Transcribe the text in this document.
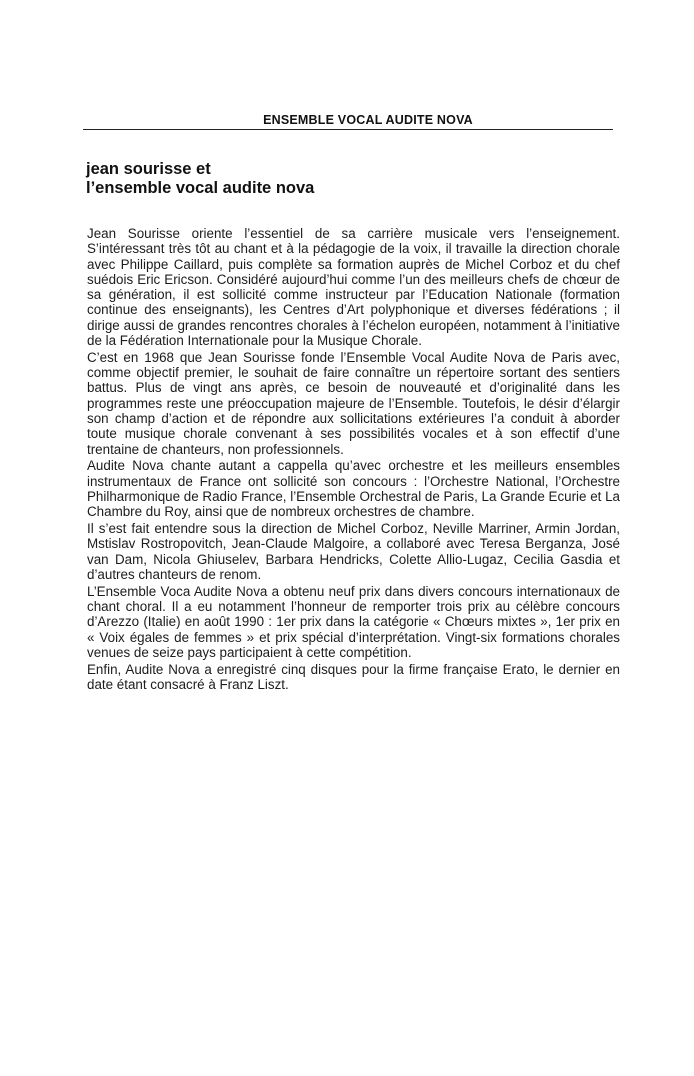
ENSEMBLE VOCAL AUDITE NOVA
jean sourisse et
l’ensemble vocal audite nova

Jean Sourisse oriente l’essentiel de sa carrière musicale vers l’enseignement. S’intéressant très tôt au chant et à la pédagogie de la voix, il travaille la direction chorale avec Philippe Caillard, puis complète sa formation auprès de Michel Corboz et du chef suédois Eric Ericson. Considéré aujourd’hui comme l’un des meilleurs chefs de chœur de sa génération, il est sollicité comme instructeur par l’Education Nationale (formation continue des enseignants), les Centres d’Art polyphonique et diverses fédérations ; il dirige aussi de grandes rencontres chorales à l’échelon européen, notamment à l’initiative de la Fédération Internationale pour la Musique Chorale.

C’est en 1968 que Jean Sourisse fonde l’Ensemble Vocal Audite Nova de Paris avec, comme objectif premier, le souhait de faire connaître un répertoire sortant des sentiers battus. Plus de vingt ans après, ce besoin de nouveauté et d’originalité dans les programmes reste une préoccupation majeure de l’Ensemble. Toutefois, le désir d’élargir son champ d’action et de répondre aux sollicitations extérieures l’a conduit à aborder toute musique chorale convenant à ses possibilités vocales et à son effectif d’une trentaine de chanteurs, non professionnels.

Audite Nova chante autant a cappella qu’avec orchestre et les meilleurs ensembles instrumentaux de France ont sollicité son concours : l’Orchestre National, l’Orchestre Philharmonique de Radio France, l’Ensemble Orchestral de Paris, La Grande Ecurie et La Chambre du Roy, ainsi que de nombreux orchestres de chambre.

Il s’est fait entendre sous la direction de Michel Corboz, Neville Marriner, Armin Jordan, Mstislav Rostropovitch, Jean-Claude Malgoire, a collaboré avec Teresa Berganza, José van Dam, Nicola Ghiuselev, Barbara Hendricks, Colette Allio-Lugaz, Cecilia Gasdia et d’autres chanteurs de renom.

L’Ensemble Voca Audite Nova a obtenu neuf prix dans divers concours internationaux de chant choral. Il a eu notamment l’honneur de remporter trois prix au célèbre concours d’Arezzo (Italie) en août 1990 : 1er prix dans la catégorie « Chœurs mixtes », 1er prix en « Voix égales de femmes » et prix spécial d’interprétation. Vingt-six formations chorales venues de seize pays participaient à cette compétition.

Enfin, Audite Nova a enregistré cinq disques pour la firme française Erato, le dernier en date étant consacré à Franz Liszt.
